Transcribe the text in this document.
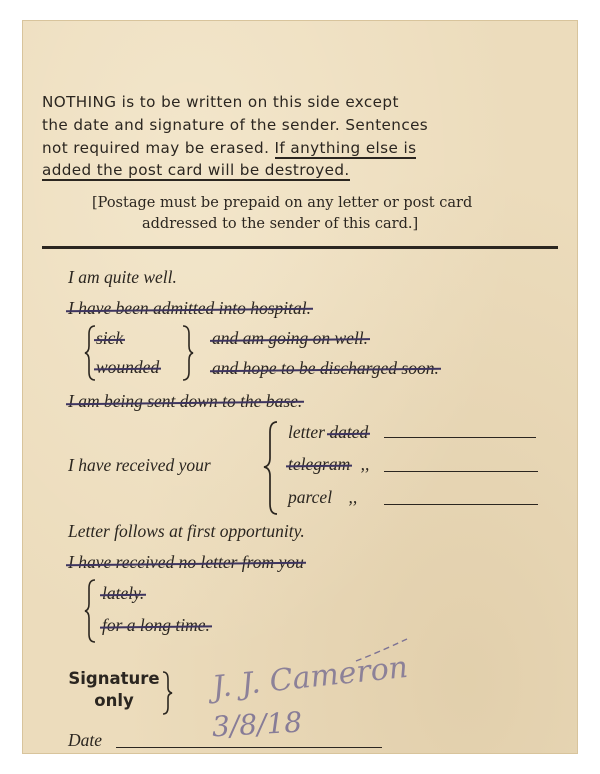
NOTHING is to be written on this side except
the date and signature of the sender. Sentences
not required may be erased. If anything else is
added the post card will be destroyed.
[Postage must be prepaid on any letter or post card
addressed to the sender of this card.]
I am quite well.
I have been admitted into hospital.
sick
wounded
and am going on well.
and hope to be discharged soon.
I am being sent down to the base.
I have received your
letter dated
telegram ,,
parcel ,,
Letter follows at first opportunity.
I have received no letter from you
lately.
for a long time.
Signature
only	J. J. Cameron
3/8/18
Date
